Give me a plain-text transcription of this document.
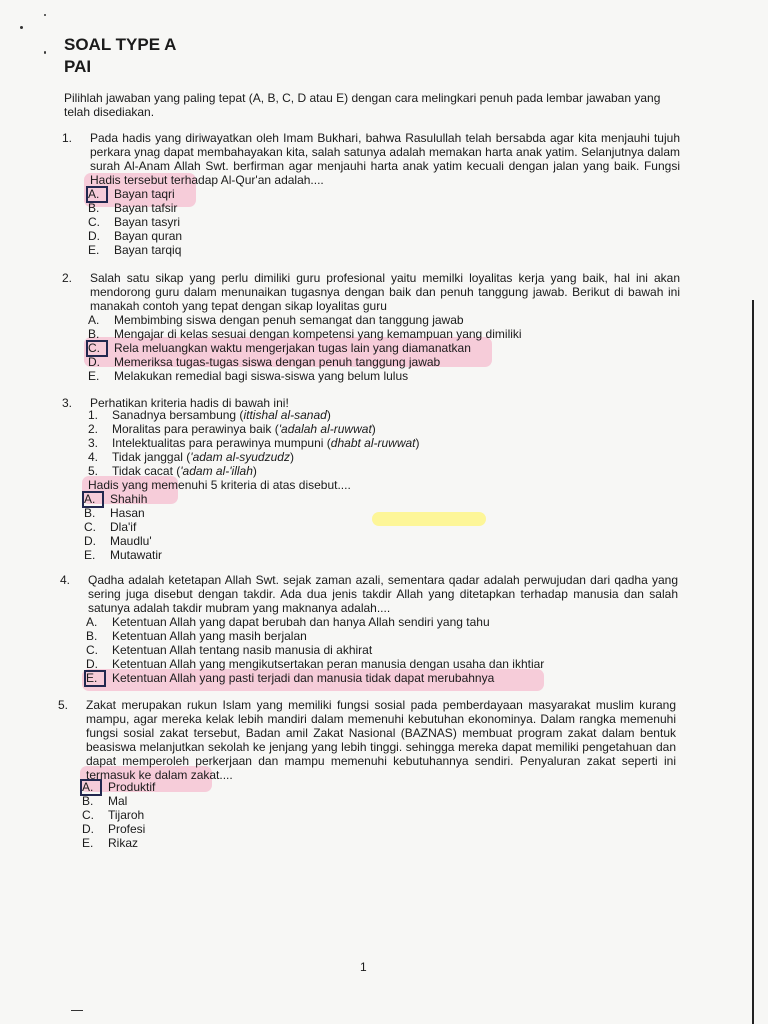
SOAL TYPE A
PAI
Pilihlah jawaban yang paling tepat (A, B, C, D atau E) dengan cara melingkari penuh pada lembar jawaban yang telah disediakan.
1. Pada hadis yang diriwayatkan oleh Imam Bukhari, bahwa Rasulullah telah bersabda agar kita menjauhi tujuh perkara ynag dapat membahayakan kita, salah satunya adalah memakan harta anak yatim. Selanjutnya dalam surah Al-Anam Allah Swt. berfirman agar menjauhi harta anak yatim kecuali dengan jalan yang baik. Fungsi Hadis tersebut terhadap Al-Qur'an adalah....
A. Bayan taqri
B. Bayan tafsir
C. Bayan tasyri
D. Bayan quran
E. Bayan tarqiq
2. Salah satu sikap yang perlu dimiliki guru profesional yaitu memilki loyalitas kerja yang baik, hal ini akan mendorong guru dalam menunaikan tugasnya dengan baik dan penuh tanggung jawab. Berikut di bawah ini manakah contoh yang tepat dengan sikap loyalitas guru
A. Membimbing siswa dengan penuh semangat dan tanggung jawab
B. Mengajar di kelas sesuai dengan kompetensi yang kemampuan yang dimiliki
C. Rela meluangkan waktu mengerjakan tugas lain yang diamanatkan
D. Memeriksa tugas-tugas siswa dengan penuh tanggung jawab
E. Melakukan remedial bagi siswa-siswa yang belum lulus
3. Perhatikan kriteria hadis di bawah ini!
1. Sanadnya bersambung (ittishal al-sanad)
2. Moralitas para perawinya baik ('adalah al-ruwwat)
3. Intelektualitas para perawinya mumpuni (dhabt al-ruwwat)
4. Tidak janggal ('adam al-syudzudz)
5. Tidak cacat ('adam al-'illah)
Hadis yang memenuhi 5 kriteria di atas disebut....
A. Shahih
B. Hasan
C. Dla'if
D. Maudlu'
E. Mutawatir
4. Qadha adalah ketetapan Allah Swt. sejak zaman azali, sementara qadar adalah perwujudan dari qadha yang sering juga disebut dengan takdir. Ada dua jenis takdir Allah yang ditetapkan terhadap manusia dan salah satunya adalah takdir mubram yang maknanya adalah....
A. Ketentuan Allah yang dapat berubah dan hanya Allah sendiri yang tahu
B. Ketentuan Allah yang masih berjalan
C. Ketentuan Allah tentang nasib manusia di akhirat
D. Ketentuan Allah yang mengikutsertakan peran manusia dengan usaha dan ikhtiar
E. Ketentuan Allah yang pasti terjadi dan manusia tidak dapat merubahnya
5. Zakat merupakan rukun Islam yang memiliki fungsi sosial pada pemberdayaan masyarakat muslim kurang mampu, agar mereka kelak lebih mandiri dalam memenuhi kebutuhan ekonominya. Dalam rangka memenuhi fungsi sosial zakat tersebut, Badan amil Zakat Nasional (BAZNAS) membuat program zakat dalam bentuk beasiswa melanjutkan sekolah ke jenjang yang lebih tinggi. sehingga mereka dapat memiliki pengetahuan dan dapat memperoleh perkerjaan dan mampu memenuhi kebutuhannya sendiri. Penyaluran zakat seperti ini termasuk ke dalam zakat....
A. Produktif
B. Mal
C. Tijaroh
D. Profesi
E. Rikaz
1
